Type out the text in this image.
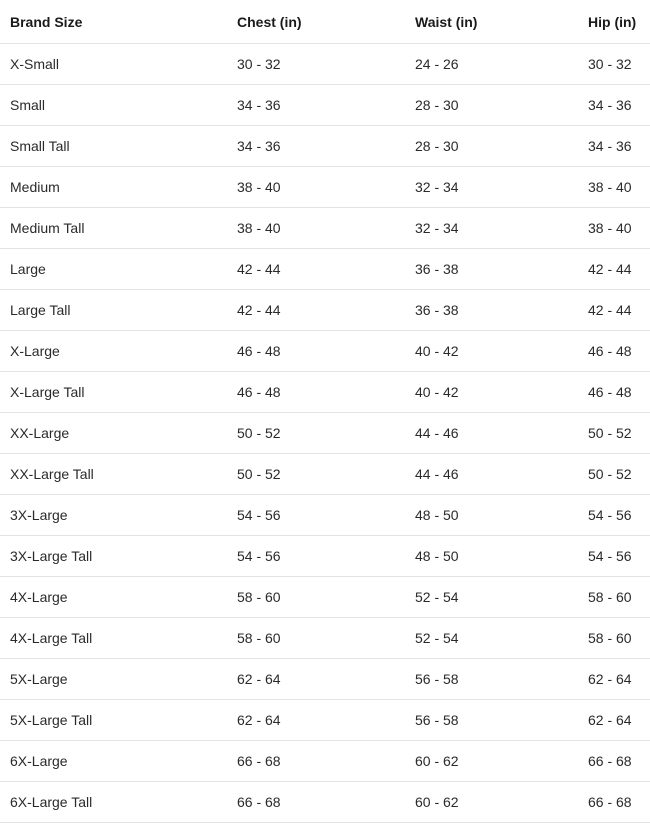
Brand Size	Chest (in)	Waist (in)	Hip (in)
X-Small	30 - 32	24 - 26	30 - 32
Small	34 - 36	28 - 30	34 - 36
Small Tall	34 - 36	28 - 30	34 - 36
Medium	38 - 40	32 - 34	38 - 40
Medium Tall	38 - 40	32 - 34	38 - 40
Large	42 - 44	36 - 38	42 - 44
Large Tall	42 - 44	36 - 38	42 - 44
X-Large	46 - 48	40 - 42	46 - 48
X-Large Tall	46 - 48	40 - 42	46 - 48
XX-Large	50 - 52	44 - 46	50 - 52
XX-Large Tall	50 - 52	44 - 46	50 - 52
3X-Large	54 - 56	48 - 50	54 - 56
3X-Large Tall	54 - 56	48 - 50	54 - 56
4X-Large	58 - 60	52 - 54	58 - 60
4X-Large Tall	58 - 60	52 - 54	58 - 60
5X-Large	62 - 64	56 - 58	62 - 64
5X-Large Tall	62 - 64	56 - 58	62 - 64
6X-Large	66 - 68	60 - 62	66 - 68
6X-Large Tall	66 - 68	60 - 62	66 - 68
